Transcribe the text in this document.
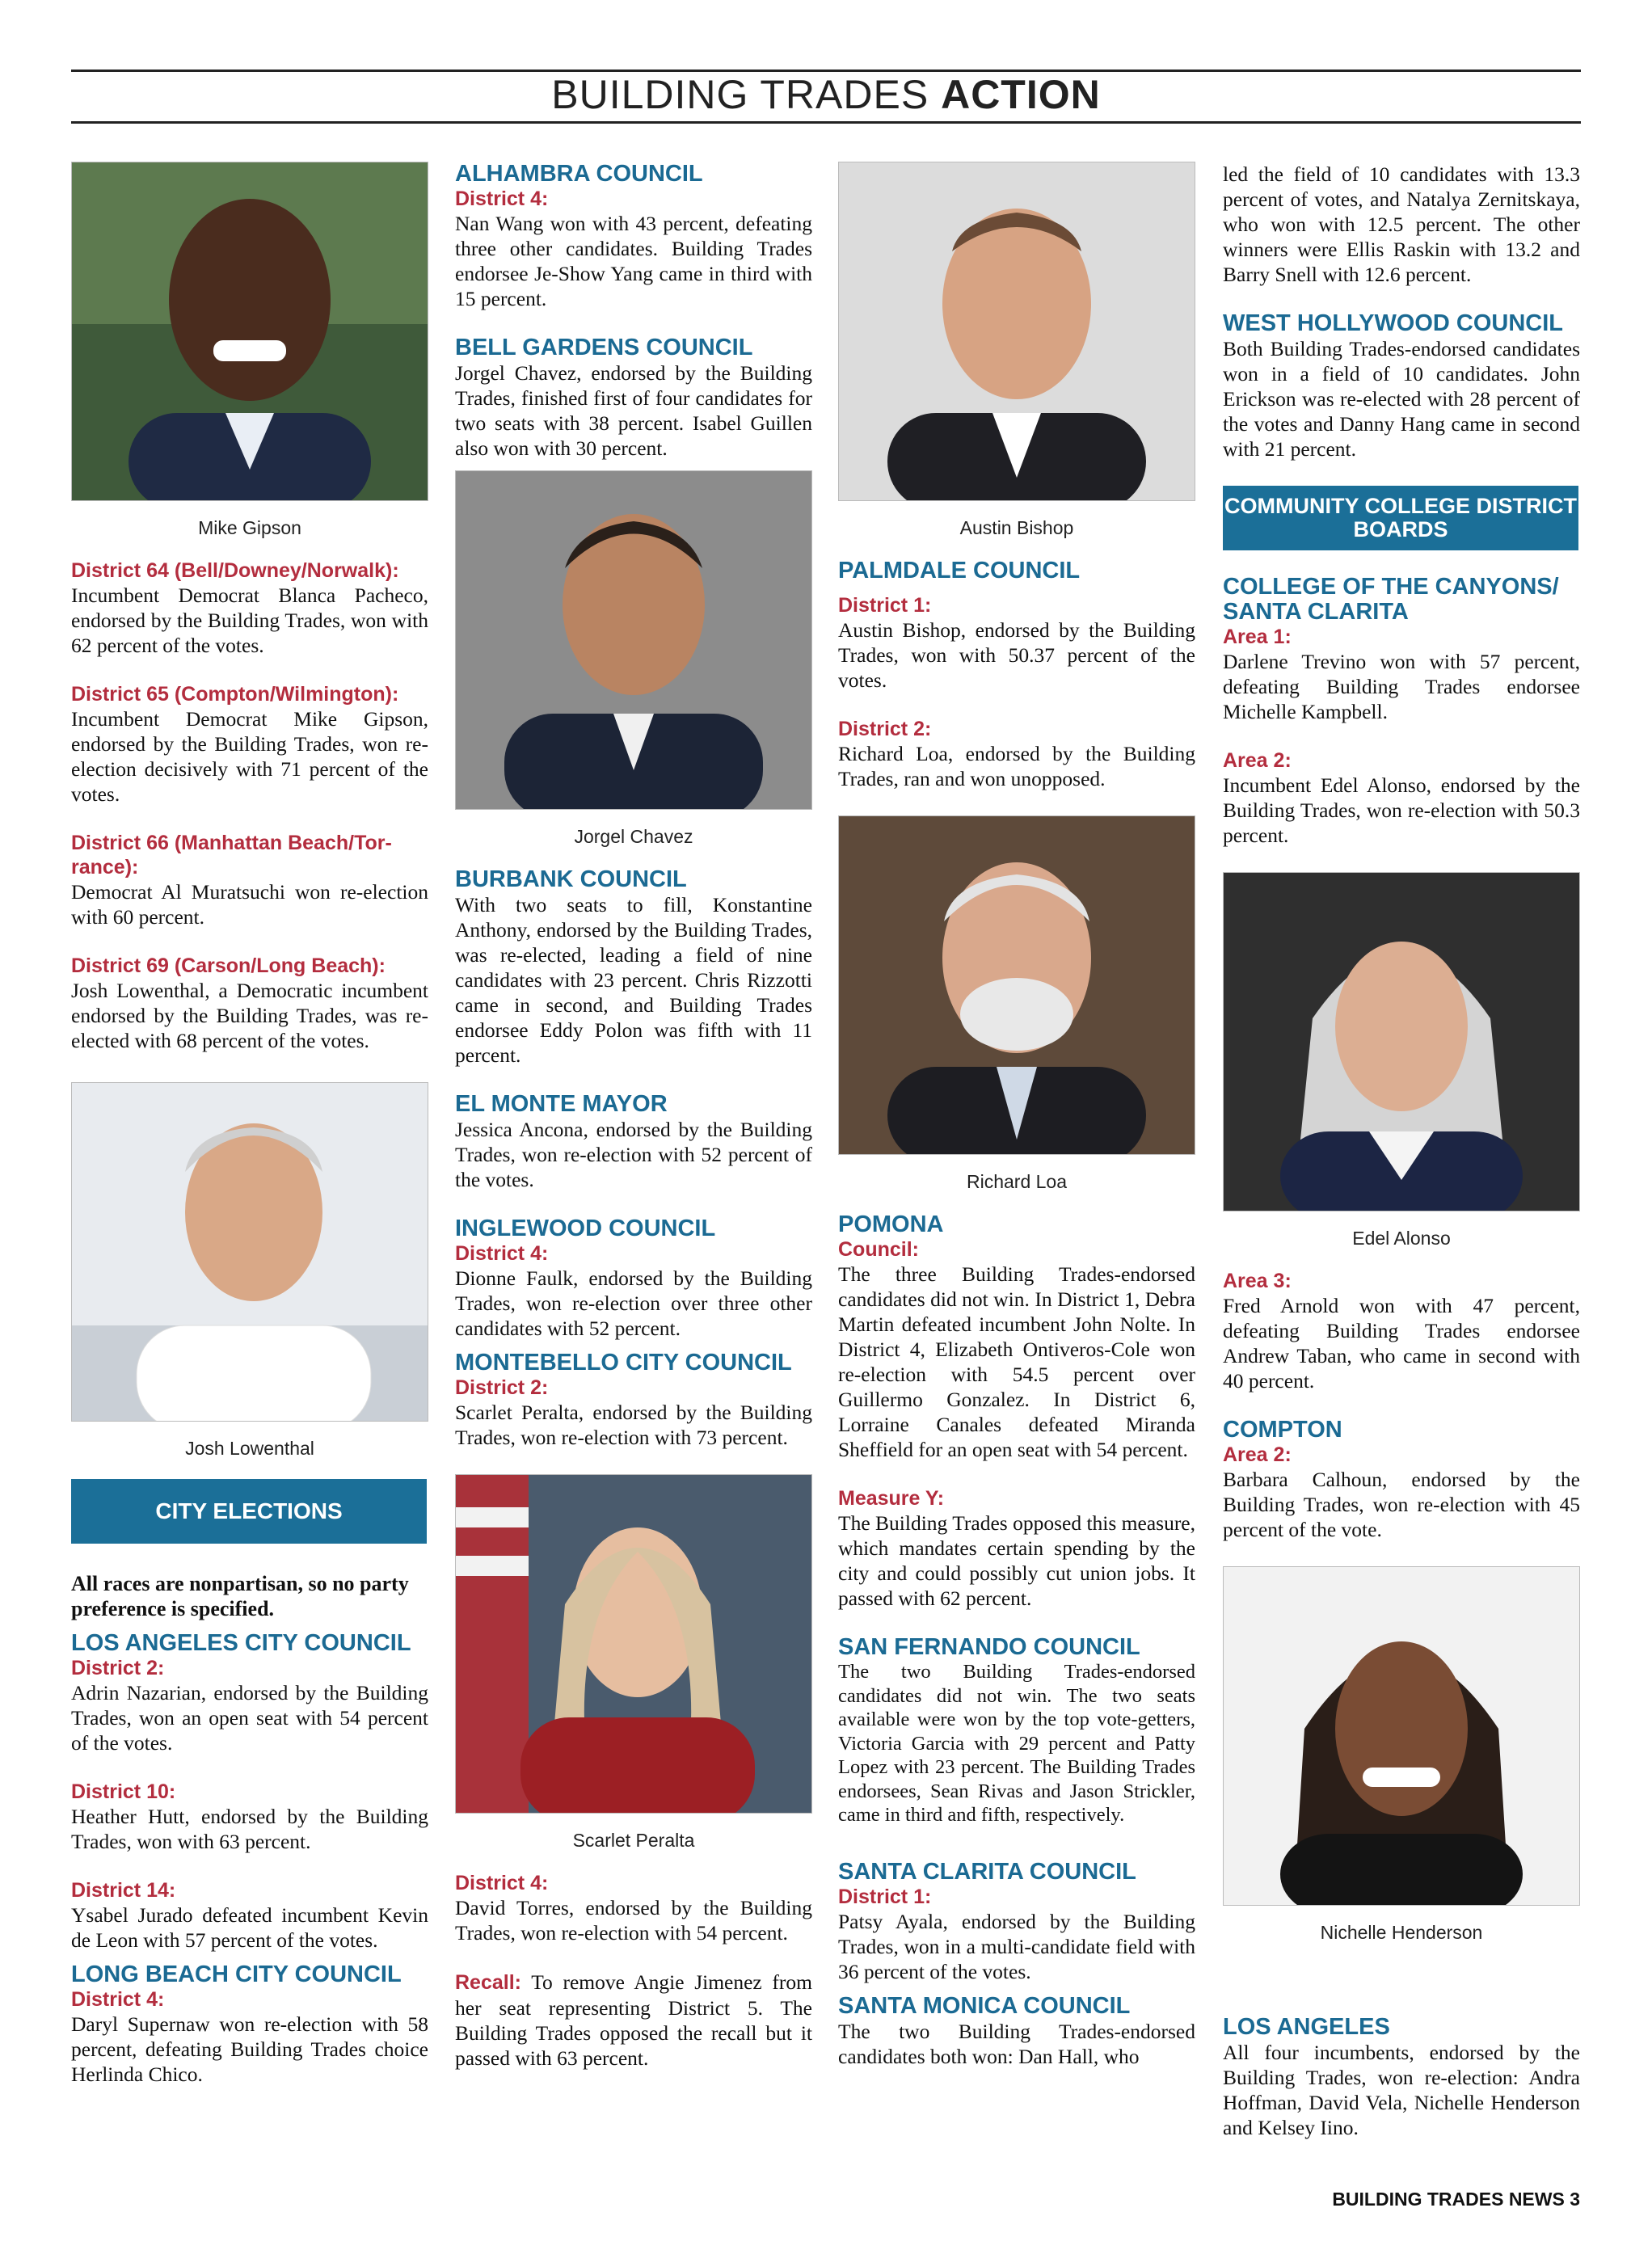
BUILDING TRADES ACTION
Mike Gipson

District 64 (Bell/Downey/Norwalk):

Incumbent Democrat Blanca Pacheco, endorsed by the Building Trades, won with 62 percent of the votes.

District 65 (Compton/Wilmington):

Incumbent Democrat Mike Gipson, endorsed by the Building Trades, won re-election decisively with 71 percent of the votes.

District 66 (Manhattan Beach/Tor-rance):

Democrat Al Muratsuchi won re-election with 60 percent.

District 69 (Carson/Long Beach):

Josh Lowenthal, a Democratic incumbent endorsed by the Building Trades, was re-elected with 68 percent of the votes.

Josh Lowenthal
CITY ELECTIONS

All races are nonpartisan, so no party preference is specified.

LOS ANGELES CITY COUNCIL

District 2:

Adrin Nazarian, endorsed by the Building Trades, won an open seat with 54 percent of the votes.

District 10:

Heather Hutt, endorsed by the Building Trades, won with 63 percent.

District 14:

Ysabel Jurado defeated incumbent Kevin de Leon with 57 percent of the votes.

LONG BEACH CITY COUNCIL

District 4:

Daryl Supernaw won re-election with 58 percent, defeating Building Trades choice Herlinda Chico.

ALHAMBRA COUNCIL

District 4:

Nan Wang won with 43 percent, defeating three other candidates. Building Trades endorsee Je-Show Yang came in third with 15 percent.

BELL GARDENS COUNCIL

Jorgel Chavez, endorsed by the Building Trades, finished first of four candidates for two seats with 38 percent. Isabel Guillen also won with 30 percent.

Jorgel Chavez

BURBANK COUNCIL

With two seats to fill, Konstantine Anthony, endorsed by the Building Trades, was re-elected, leading a field of nine candidates with 23 percent. Chris Rizzotti came in second, and Building Trades endorsee Eddy Polon was fifth with 11 percent.

EL MONTE MAYOR

Jessica Ancona, endorsed by the Building Trades, won re-election with 52 percent of the votes.

INGLEWOOD COUNCIL

District 4:

Dionne Faulk, endorsed by the Building Trades, won re-election over three other candidates with 52 percent.

MONTEBELLO CITY COUNCIL

District 2:

Scarlet Peralta, endorsed by the Building Trades, won re-election with 73 percent.

Scarlet Peralta

District 4:

David Torres, endorsed by the Building Trades, won re-election with 54 percent.

Recall: To remove Angie Jimenez from her seat representing District 5. The Building Trades opposed the recall but it passed with 63 percent.

Austin Bishop

PALMDALE COUNCIL

District 1:

Austin Bishop, endorsed by the Building Trades, won with 50.37 percent of the votes.

District 2:

Richard Loa, endorsed by the Building Trades, ran and won unopposed.

Richard Loa

POMONA

Council:

The three Building Trades-endorsed candidates did not win. In District 1, Debra Martin defeated incumbent John Nolte. In District 4, Elizabeth Ontiveros-Cole won re-election with 54.5 percent over Guillermo Gonzalez. In District 6, Lorraine Canales defeated Miranda Sheffield for an open seat with 54 percent.

Measure Y:

The Building Trades opposed this measure, which mandates certain spending by the city and could possibly cut union jobs. It passed with 62 percent.

SAN FERNANDO COUNCIL

The two Building Trades-endorsed candidates did not win. The two seats available were won by the top vote-getters, Victoria Garcia with 29 percent and Patty Lopez with 23 percent. The Building Trades endorsees, Sean Rivas and Jason Strickler, came in third and fifth, respectively.

SANTA CLARITA COUNCIL

District 1:

Patsy Ayala, endorsed by the Building Trades, won in a multi-candidate field with 36 percent of the votes.

SANTA MONICA COUNCIL

The two Building Trades-endorsed candidates both won: Dan Hall, who

led the field of 10 candidates with 13.3 percent of votes, and Natalya Zernitskaya, who won with 12.5 percent. The other winners were Ellis Raskin with 13.2 and Barry Snell with 12.6 percent.

WEST HOLLYWOOD COUNCIL

Both Building Trades-endorsed candidates won in a field of 10 candidates. John Erickson was re-elected with 28 percent of the votes and Danny Hang came in second with 21 percent.

COMMUNITY COLLEGE DISTRICT BOARDS

COLLEGE OF THE CANYONS/ SANTA CLARITA

Area 1:

Darlene Trevino won with 57 percent, defeating Building Trades endorsee Michelle Kampbell.

Area 2:

Incumbent Edel Alonso, endorsed by the Building Trades, won re-election with 50.3 percent.

Edel Alonso

Area 3:

Fred Arnold won with 47 percent, defeating Building Trades endorsee Andrew Taban, who came in second with 40 percent.

COMPTON

Area 2:

Barbara Calhoun, endorsed by the Building Trades, won re-election with 45 percent of the vote.

Nichelle Henderson

LOS ANGELES

All four incumbents, endorsed by the Building Trades, won re-election: Andra Hoffman, David Vela, Nichelle Henderson and Kelsey Iino.

BUILDING TRADES NEWS 3
